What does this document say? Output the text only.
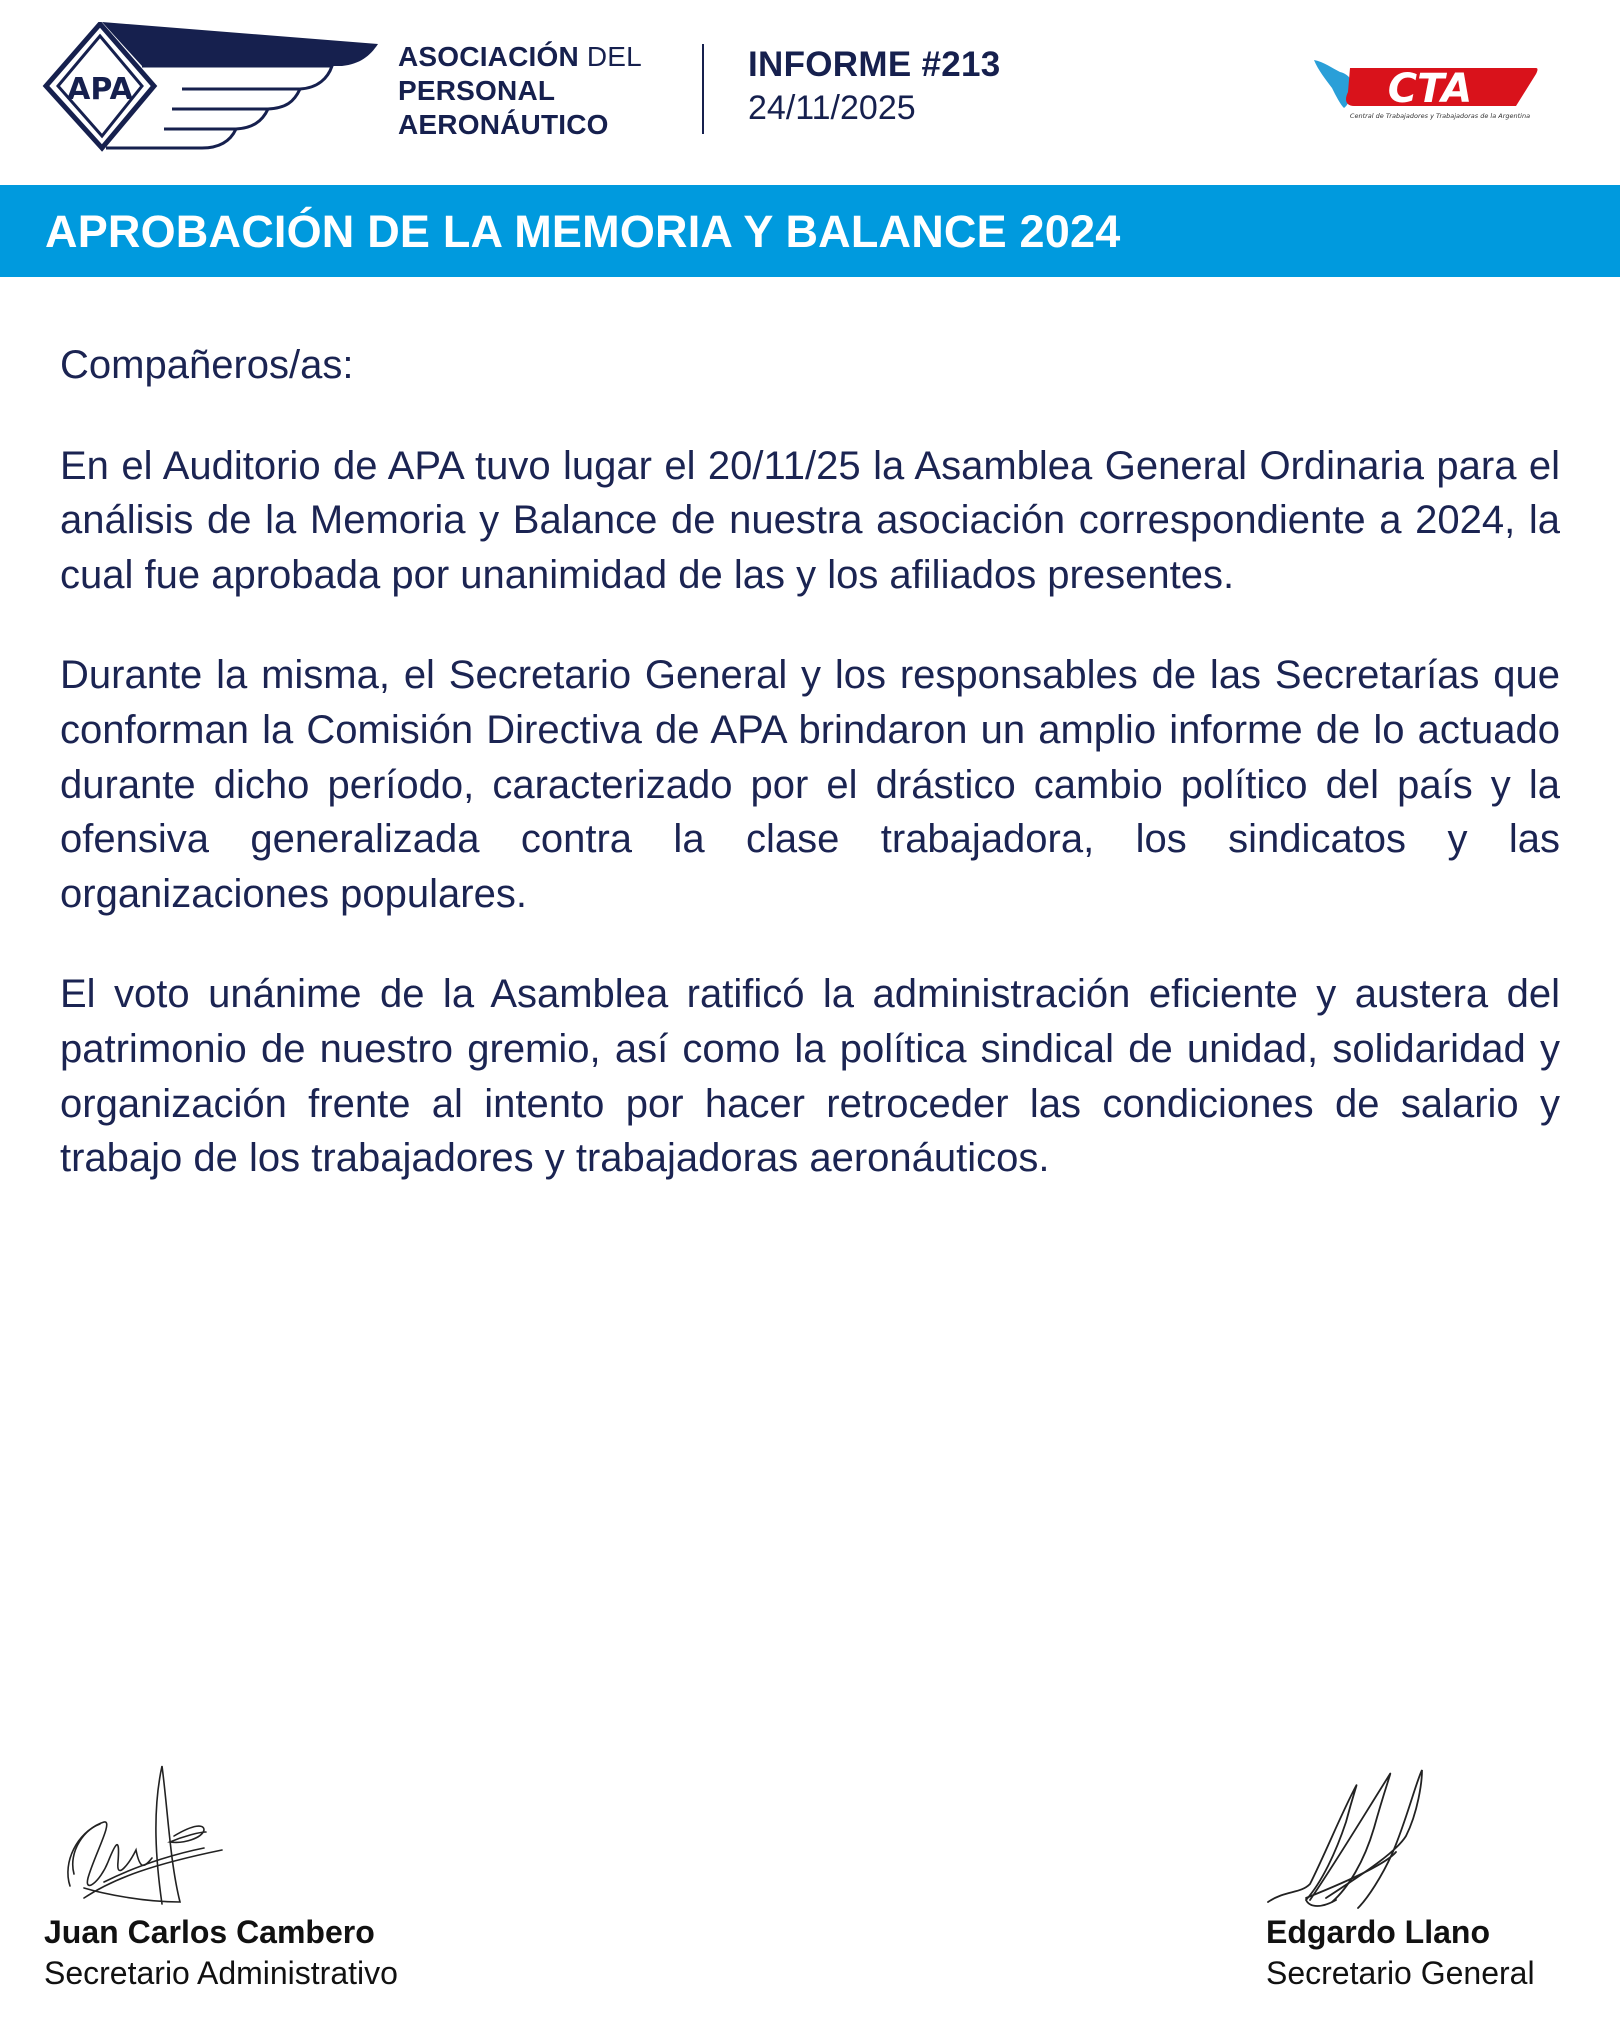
APA
ASOCIACIÓN DEL
PERSONAL
AERONÁUTICO
INFORME #213
24/11/2025	CTA
Central de Trabajadores y Trabajadoras de la Argentina
APROBACIÓN DE LA MEMORIA Y BALANCE 2024

Compañeros/as:

En el Auditorio de APA tuvo lugar el 20/11/25 la Asamblea General Ordinaria para el análisis de la Memoria y Balance de nuestra asociación correspondiente a 2024, la cual fue aprobada por unanimidad de las y los afiliados presentes.

Durante la misma, el Secretario General y los responsables de las Secretarías que conforman la Comisión Directiva de APA brindaron un amplio informe de lo actuado durante dicho período, caracterizado por el drástico cambio político del país y la ofensiva generalizada contra la clase trabajadora, los sindicatos y las organizaciones populares.

El voto unánime de la Asamblea ratificó la administración eficiente y austera del patrimonio de nuestro gremio, así como la política sindical de unidad, solidaridad y organización frente al intento por hacer retroceder las condiciones de salario y trabajo de los trabajadores y trabajadoras aeronáuticos.

Juan Carlos Cambero
Secretario Administrativo
Edgardo Llano
Secretario General
